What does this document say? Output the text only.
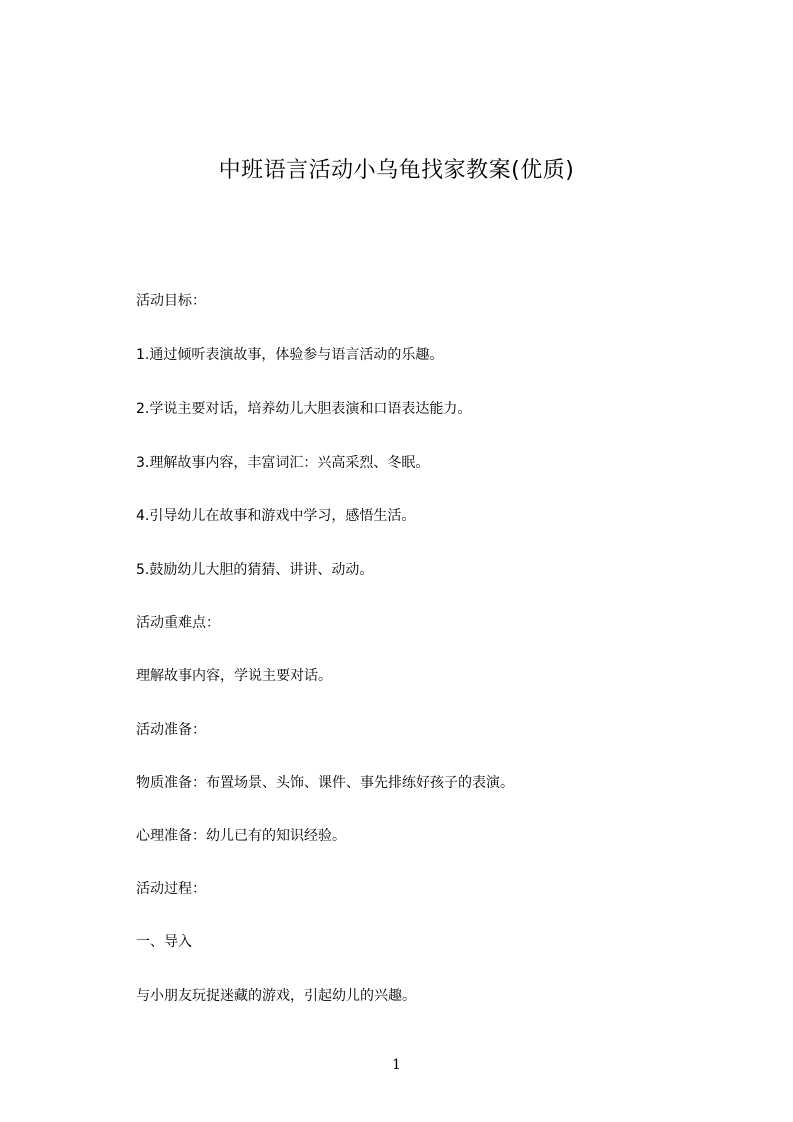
中班语言活动小乌龟找家教案(优质)
活动目标：
1.通过倾听表演故事，体验参与语言活动的乐趣。
2.学说主要对话，培养幼儿大胆表演和口语表达能力。
3.理解故事内容，丰富词汇：兴高采烈、冬眠。
4.引导幼儿在故事和游戏中学习，感悟生活。
5.鼓励幼儿大胆的猜猜、讲讲、动动。
活动重难点：
理解故事内容，学说主要对话。
活动准备：
物质准备：布置场景、头饰、课件、事先排练好孩子的表演。
心理准备：幼儿已有的知识经验。
活动过程：
一、导入
与小朋友玩捉迷藏的游戏，引起幼儿的兴趣。
1
